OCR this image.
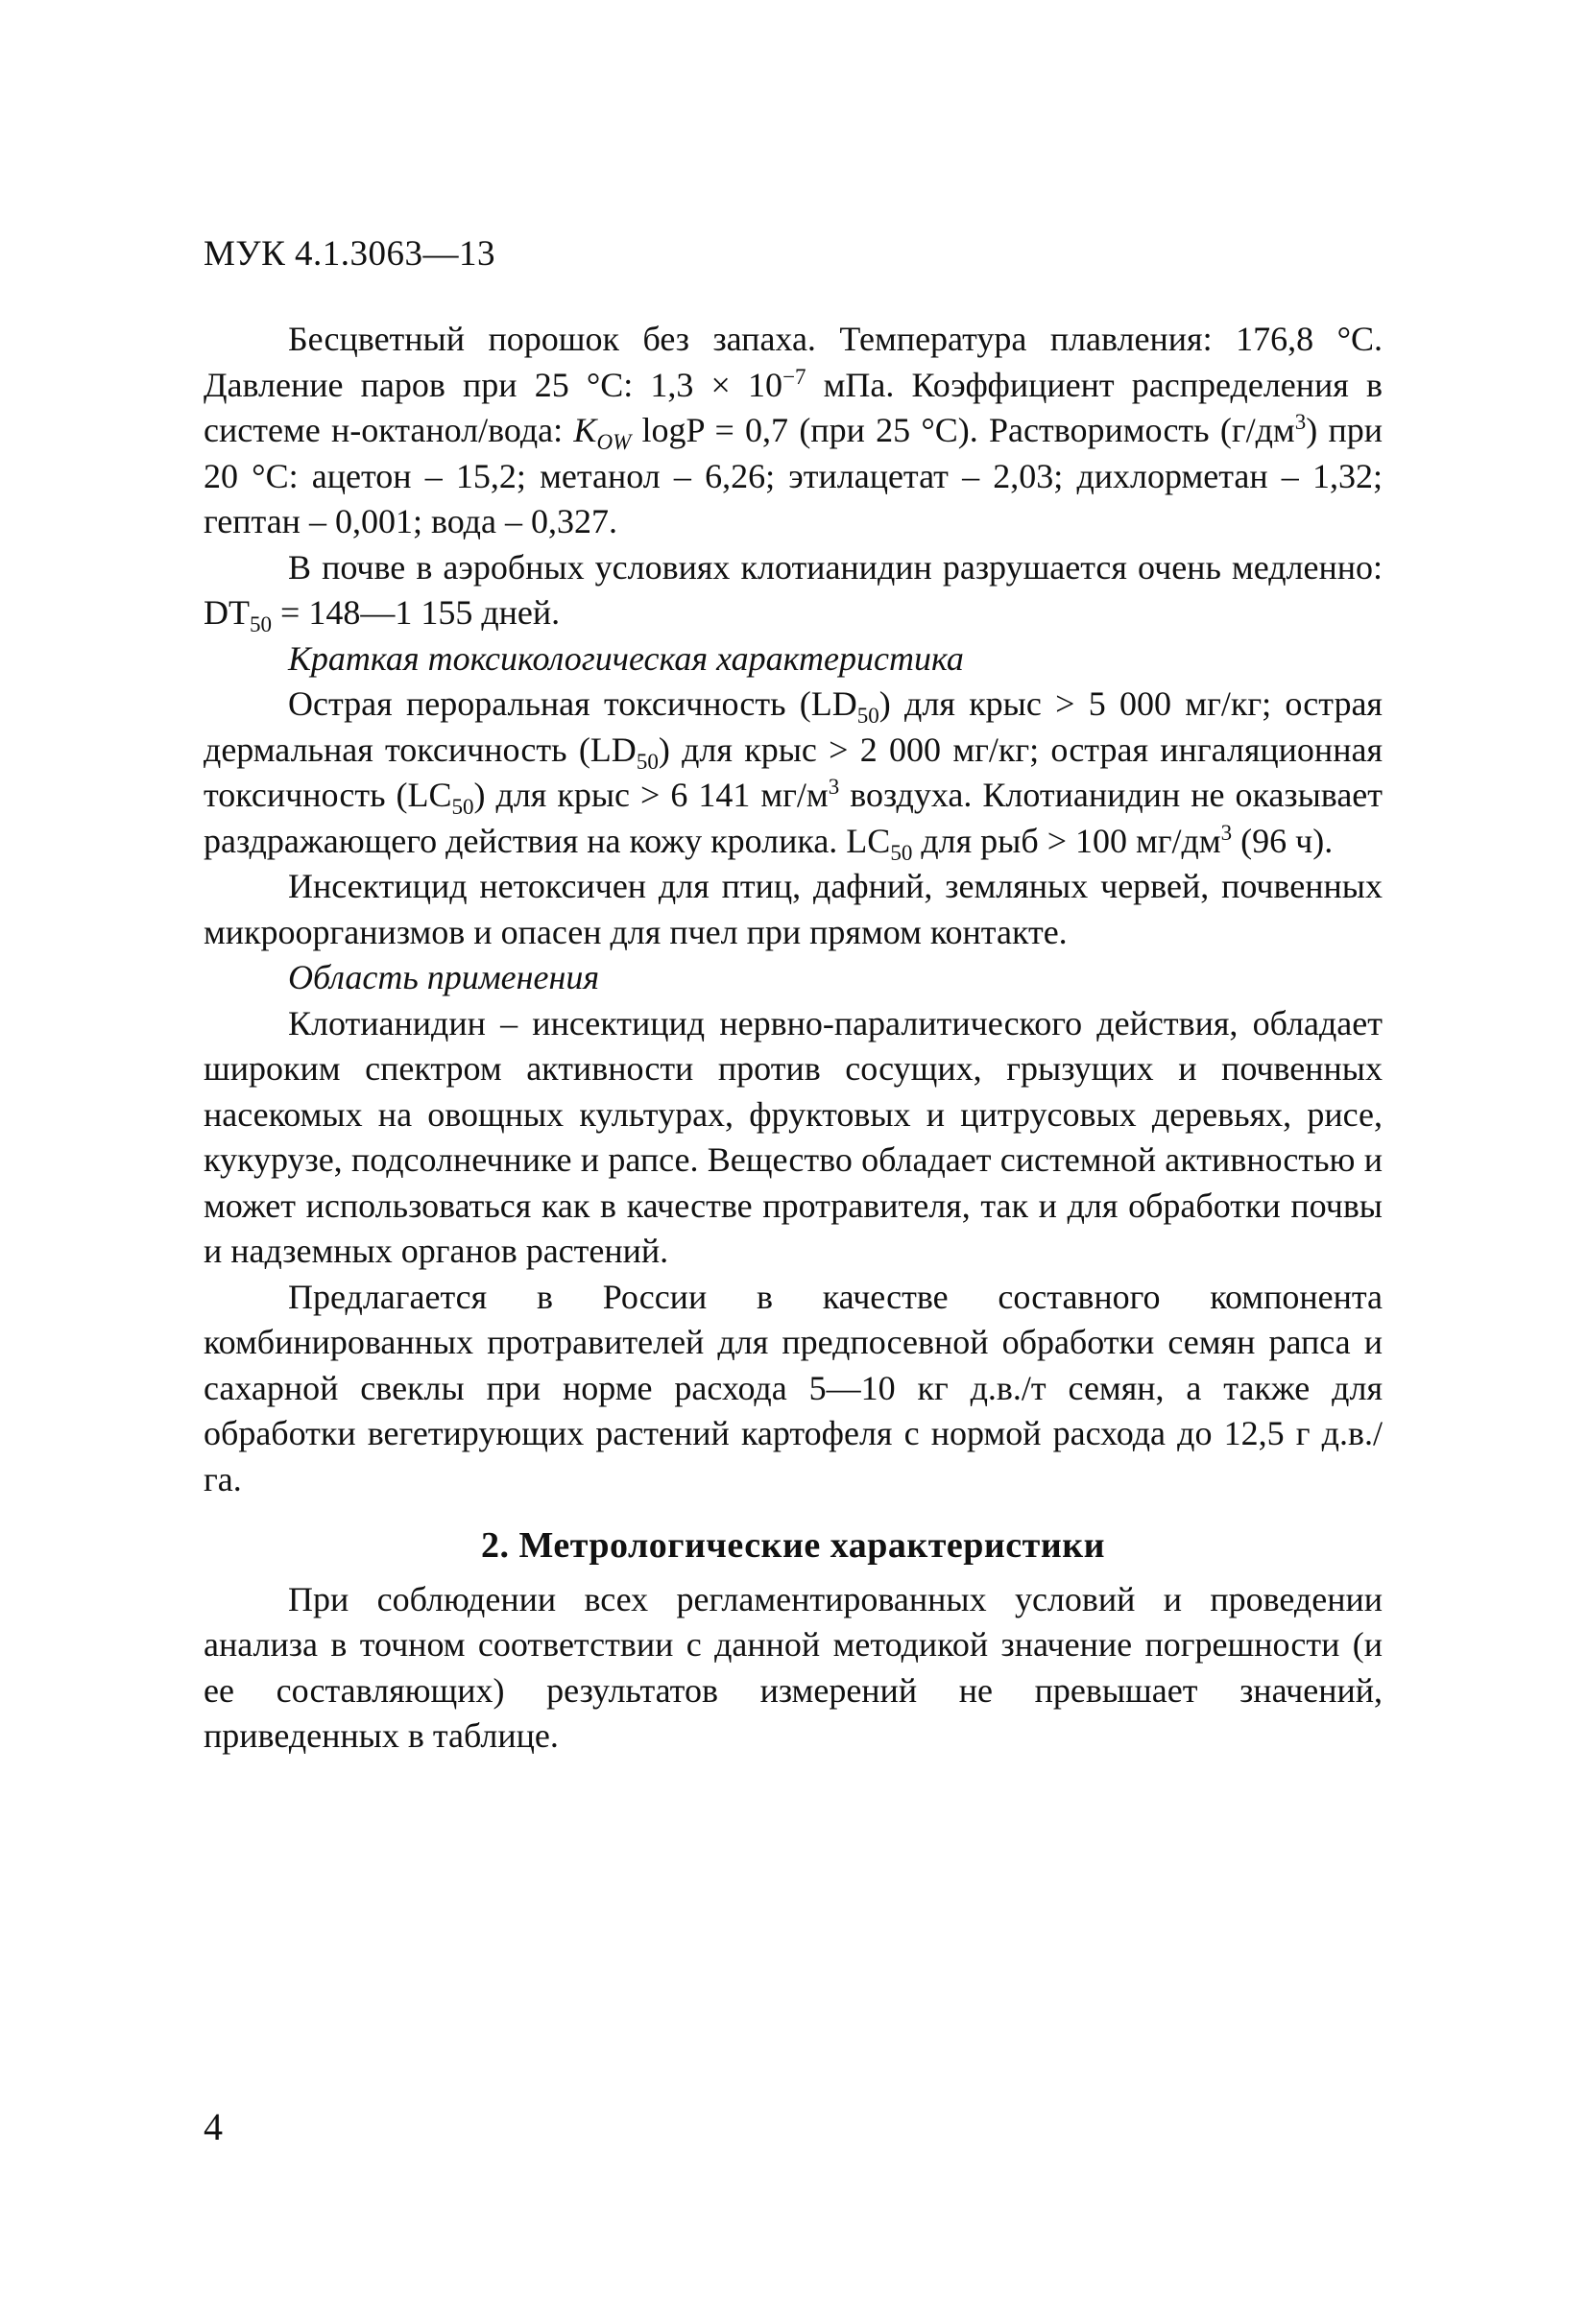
МУК 4.1.3063—13

Бесцветный порошок без запаха. Температура плавления: 176,8 °С. Давление паров при 25 °С: $1,3 \times 10^{-7}$ мПа. Коэффициент распределения в системе н-октанол/вода: $K_{OW}$ logP = 0,7 (при 25 °С). Растворимость $(г/дм^3)$ при 20 °С: ацетон – 15,2; метанол – 6,26; этилацетат – 2,03; дихлорметан – 1,32; гептан – 0,001; вода – 0,327.

В почве в аэробных условиях клотианидин разрушается очень медленно: $DT_{50}$ = 148—1 155 дней.

Краткая токсикологическая характеристика

Острая пероральная токсичность $(LD_{50})$ для крыс > 5 000 мг/кг; острая дермальная токсичность $(LD_{50})$ для крыс > 2 000 мг/кг; острая ингаляционная токсичность $(LC_{50})$ для крыс > 6 141 $мг/м^3$ воздуха. Клотианидин не оказывает раздражающего действия на кожу кролика. $LC_{50}$ для рыб > 100 $мг/дм^3$ (96 ч).

Инсектицид нетоксичен для птиц, дафний, земляных червей, почвенных микроорганизмов и опасен для пчел при прямом контакте.

Область применения

Клотианидин – инсектицид нервно-паралитического действия, обладает широким спектром активности против сосущих, грызущих и почвенных насекомых на овощных культурах, фруктовых и цитрусовых деревьях, рисе, кукурузе, подсолнечнике и рапсе. Вещество обладает системной активностью и может использоваться как в качестве протравителя, так и для обработки почвы и надземных органов растений.

Предлагается в России в качестве составного компонента комбинированных протравителей для предпосевной обработки семян рапса и сахарной свеклы при норме расхода 5—10 кг д.в./т семян, а также для обработки вегетирующих растений картофеля с нормой расхода до 12,5 г д.в./га.

2. Метрологические характеристики

При соблюдении всех регламентированных условий и проведении анализа в точном соответствии с данной методикой значение погрешности (и ее составляющих) результатов измерений не превышает значений, приведенных в таблице.

4
